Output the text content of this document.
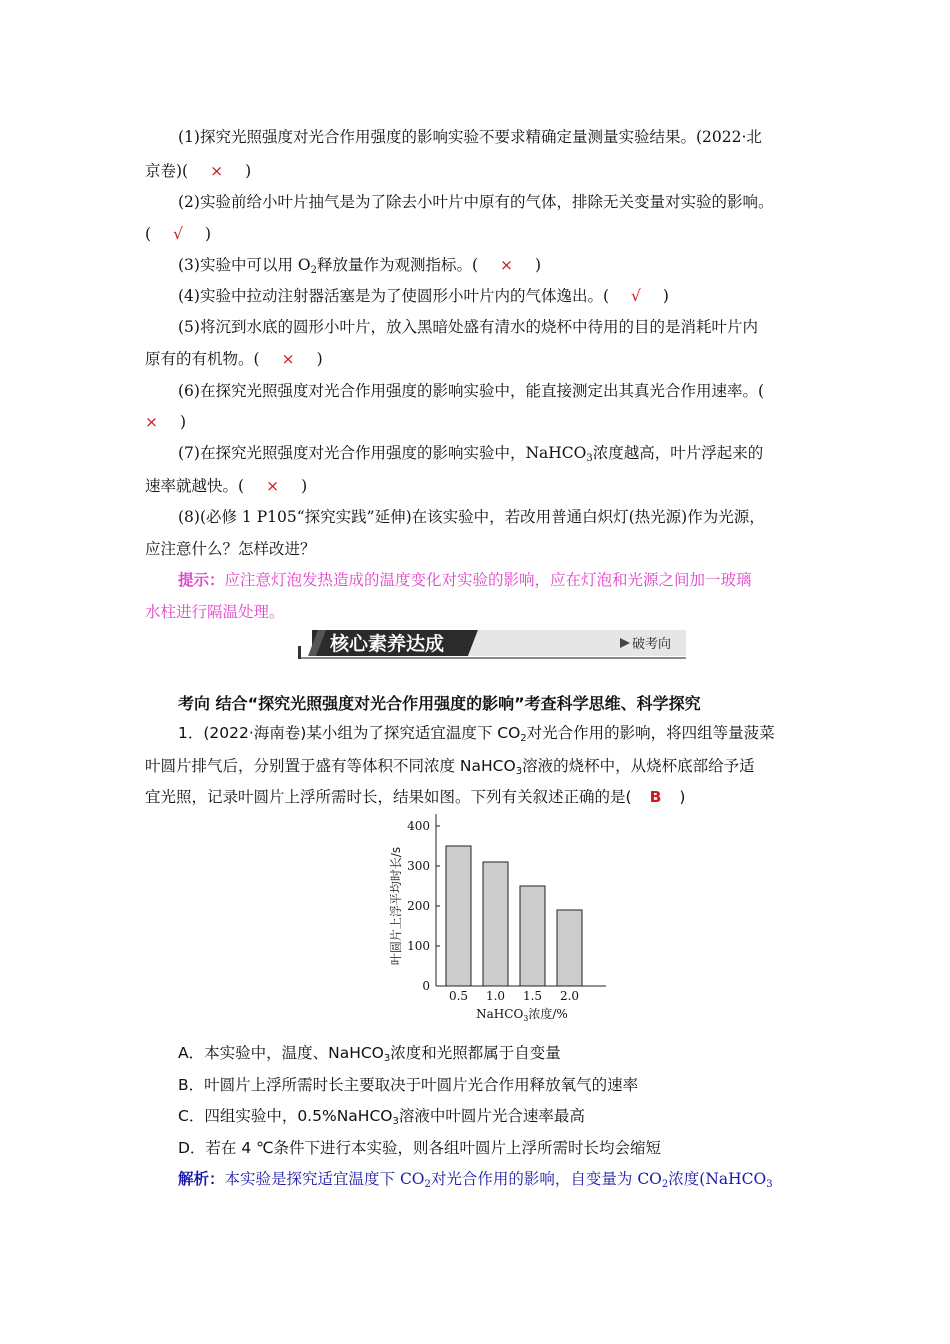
(1)探究光照强度对光合作用强度的影响实验不要求精确定量测量实验结果。(2022·北
京卷)( × )
(2)实验前给小叶片抽气是为了除去小叶片中原有的气体，排除无关变量对实验的影响。
( √ )
(3)实验中可以用 $O_2$释放量作为观测指标。( × )
(4)实验中拉动注射器活塞是为了使圆形小叶片内的气体逸出。( √ )
(5)将沉到水底的圆形小叶片，放入黑暗处盛有清水的烧杯中待用的目的是消耗叶片内
原有的有机物。( × )
(6)在探究光照强度对光合作用强度的影响实验中，能直接测定出其真光合作用速率。(
× )
(7)在探究光照强度对光合作用强度的影响实验中，NaHCO$_3$浓度越高，叶片浮起来的
速率就越快。( × )
(8)(必修 1 P105“探究实践”延伸)在该实验中，若改用普通白炽灯(热光源)作为光源，
应注意什么？怎样改进？
提示：应注意灯泡发热造成的温度变化对实验的影响，应在灯泡和光源之间加一玻璃
水柱进行隔温处理。
核心素养达成	破考向
考向 结合“探究光照强度对光合作用强度的影响”考查科学思维、科学探究
1．(2022·海南卷)某小组为了探究适宜温度下 $CO_2$对光合作用的影响，将四组等量菠菜
叶圆片排气后，分别置于盛有等体积不同浓度 NaHCO$_3$溶液的烧杯中，从烧杯底部给予适
宜光照，记录叶圆片上浮所需时长，结果如图。下列有关叙述正确的是( B )
0
100
200
300
400
0.5 1.0 1.5 2.0
叶圆片上浮平均时长/s
NaHCO$_3$浓度/%
A．本实验中，温度、NaHCO$_3$浓度和光照都属于自变量
B．叶圆片上浮所需时长主要取决于叶圆片光合作用释放氧气的速率
C．四组实验中，0.5%NaHCO$_3$溶液中叶圆片光合速率最高
D．若在 4 ℃条件下进行本实验，则各组叶圆片上浮所需时长均会缩短
解析：本实验是探究适宜温度下 $CO_2$对光合作用的影响，自变量为 $CO_2$浓度(NaHCO$_3$
